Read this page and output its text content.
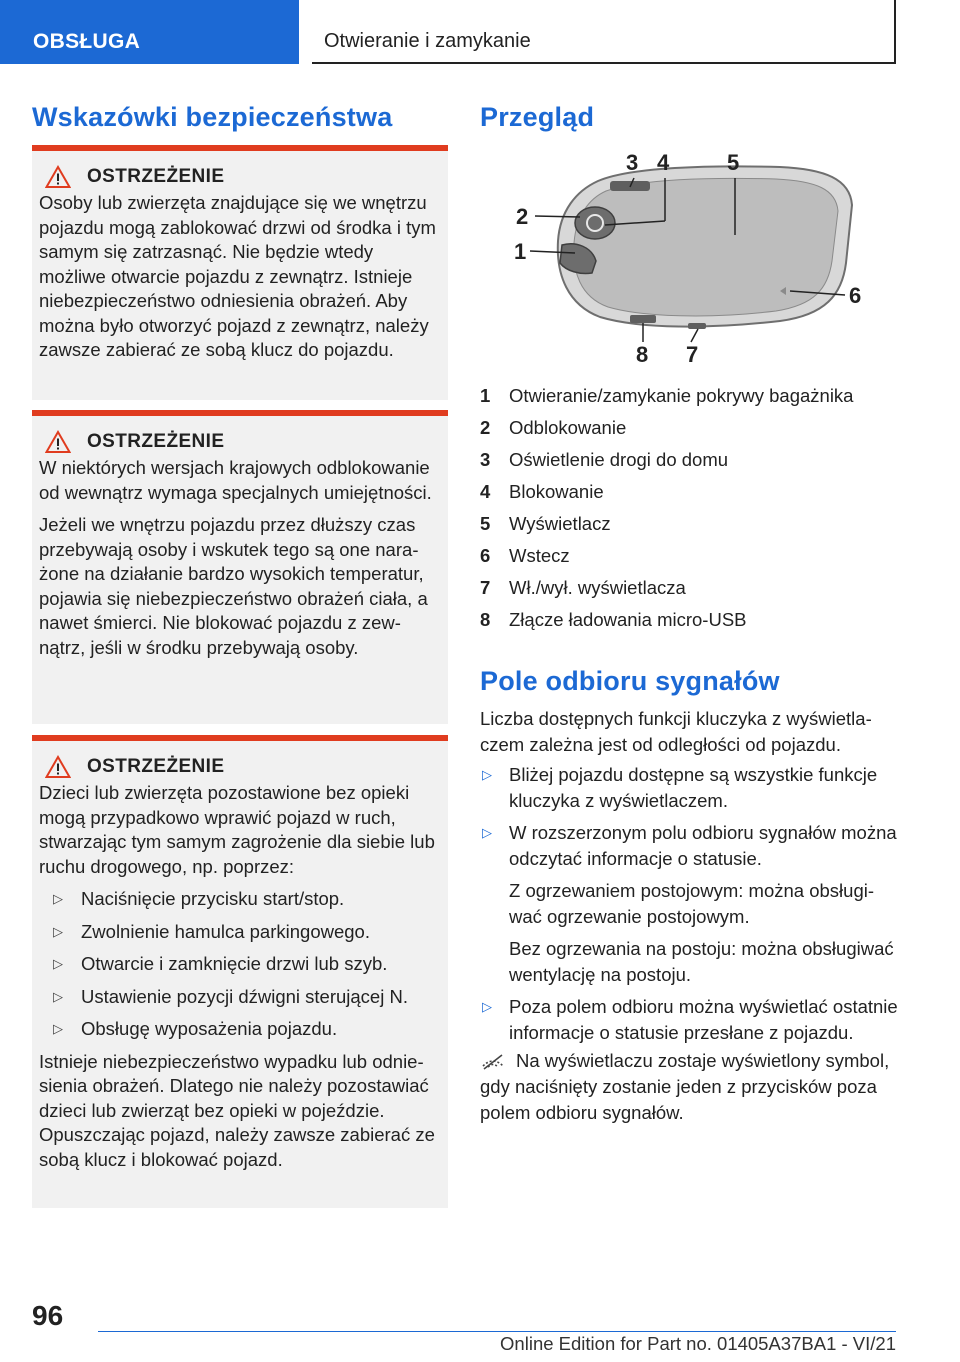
OBSŁUGA	Otwieranie i zamykanie
Wskazówki bezpieczeństwa
OSTRZEŻENIE

Osoby lub zwierzęta znajdujące się we wnętrzu pojazdu mogą zablokować drzwi od środka i tym samym się zatrzasnąć. Nie będzie wtedy możliwe otwarcie pojazdu z zewnątrz. Istnieje niebezpieczeństwo odniesienia obrażeń. Aby można było otworzyć pojazd z zewnątrz, należy zawsze zabierać ze sobą klucz do pojazdu.

OSTRZEŻENIE

W niektórych wersjach krajowych odblokowanie od wewnątrz wymaga specjalnych umiejętności.

Jeżeli we wnętrzu pojazdu przez dłuższy czas przebywają osoby i wskutek tego są one narażone na działanie bardzo wysokich temperatur, pojawia się niebezpieczeństwo obrażeń ciała, a nawet śmierci. Nie blokować pojazdu z zewnątrz, jeśli w środku przebywają osoby.

OSTRZEŻENIE

Dzieci lub zwierzęta pozostawione bez opieki mogą przypadkowo wprawić pojazd w ruch, stwarzając tym samym zagrożenie dla siebie lub ruchu drogowego, np. poprzez:

▷ Naciśnięcie przycisku start/stop.
▷ Zwolnienie hamulca parkingowego.
▷ Otwarcie i zamknięcie drzwi lub szyb.
▷ Ustawienie pozycji dźwigni sterującej N.
▷ Obsługę wyposażenia pojazdu.

Istnieje niebezpieczeństwo wypadku lub odniesienia obrażeń. Dlatego nie należy pozostawiać dzieci lub zwierząt bez opieki w pojeździe. Opuszczając pojazd, należy zawsze zabierać ze sobą klucz i blokować pojazd.

Przegląd
1
2
3 4	5
6
7
8
1	Otwieranie/zamykanie pokrywy bagażnika
2	Odblokowanie
3	Oświetlenie drogi do domu
4	Blokowanie
5	Wyświetlacz
6	Wstecz
7	Wł./wył. wyświetlacza
8	Złącze ładowania micro-USB
Pole odbioru sygnałów
Liczba dostępnych funkcji kluczyka z wyświetlaczem zależna jest od odległości od pojazdu.
▷ Bliżej pojazdu dostępne są wszystkie funkcje kluczyka z wyświetlaczem.
▷ W rozszerzonym polu odbioru sygnałów można odczytać informacje o statusie.

Z ogrzewaniem postojowym: można obsługiwać ogrzewanie postojowym.

Bez ogrzewania na postoju: można obsługiwać wentylację na postoju.

▷ Poza polem odbioru można wyświetlać ostatnie informacje o statusie przesłane z pojazdu.
Na wyświetlaczu zostaje wyświetlony symbol, gdy naciśnięty zostanie jeden z przycisków poza polem odbioru sygnałów.
96
Online Edition for Part no. 01405A37BA1 - VI/21
